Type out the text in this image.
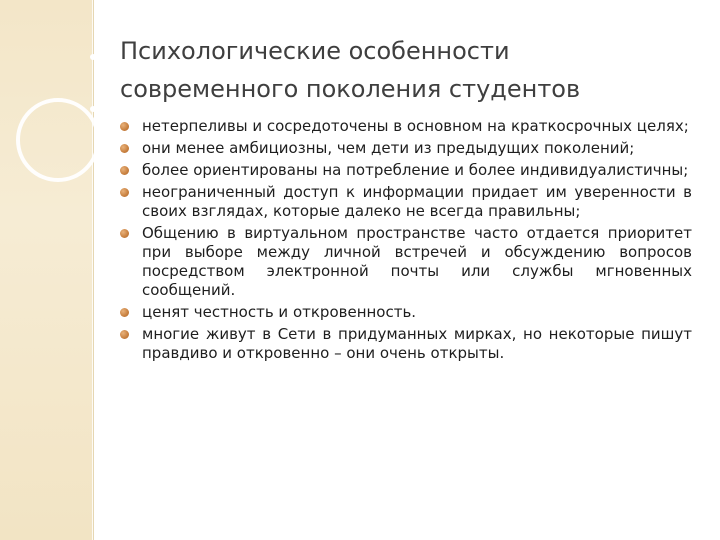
Психологические особенности современного поколения студентов
нетерпеливы и сосредоточены в основном на краткосрочных целях;
они менее амбициозны, чем дети из предыдущих поколений;
более ориентированы на потребление и более индивидуалистичны;
неограниченный доступ к информации придает им уверенности в своих взглядах, которые далеко не всегда правильны;
Общению в виртуальном пространстве часто отдается приоритет при выборе между личной встречей и обсуждению вопросов посредством электронной почты или службы мгновенных сообщений.
ценят честность и откровенность.
многие живут в Сети в придуманных мирках, но некоторые пишут правдиво и откровенно – они очень открыты.
